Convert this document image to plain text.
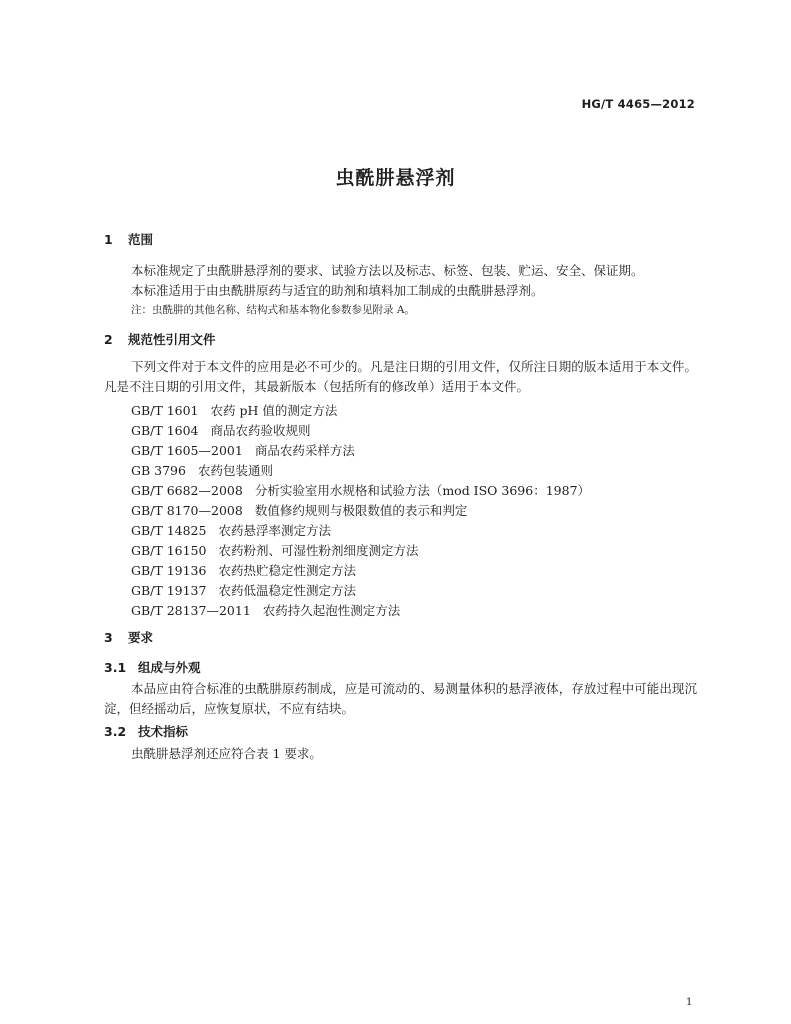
HG/T 4465—2012
虫酰肼悬浮剂
1 范围
本标准规定了虫酰肼悬浮剂的要求、试验方法以及标志、标签、包装、贮运、安全、保证期。
本标准适用于由虫酰肼原药与适宜的助剂和填料加工制成的虫酰肼悬浮剂。
注：虫酰肼的其他名称、结构式和基本物化参数参见附录 A。
2 规范性引用文件
下列文件对于本文件的应用是必不可少的。凡是注日期的引用文件，仅所注日期的版本适用于本文件。凡是不注日期的引用文件，其最新版本（包括所有的修改单）适用于本文件。
GB/T 1601 农药 pH 值的测定方法
GB/T 1604 商品农药验收规则
GB/T 1605—2001 商品农药采样方法
GB 3796 农药包装通则
GB/T 6682—2008 分析实验室用水规格和试验方法（mod ISO 3696：1987）
GB/T 8170—2008 数值修约规则与极限数值的表示和判定
GB/T 14825 农药悬浮率测定方法
GB/T 16150 农药粉剂、可湿性粉剂细度测定方法
GB/T 19136 农药热贮稳定性测定方法
GB/T 19137 农药低温稳定性测定方法
GB/T 28137—2011 农药持久起泡性测定方法
3 要求
3.1 组成与外观
本品应由符合标准的虫酰肼原药制成，应是可流动的、易测量体积的悬浮液体，存放过程中可能出现沉淀，但经摇动后，应恢复原状，不应有结块。
3.2 技术指标
虫酰肼悬浮剂还应符合表 1 要求。
1
